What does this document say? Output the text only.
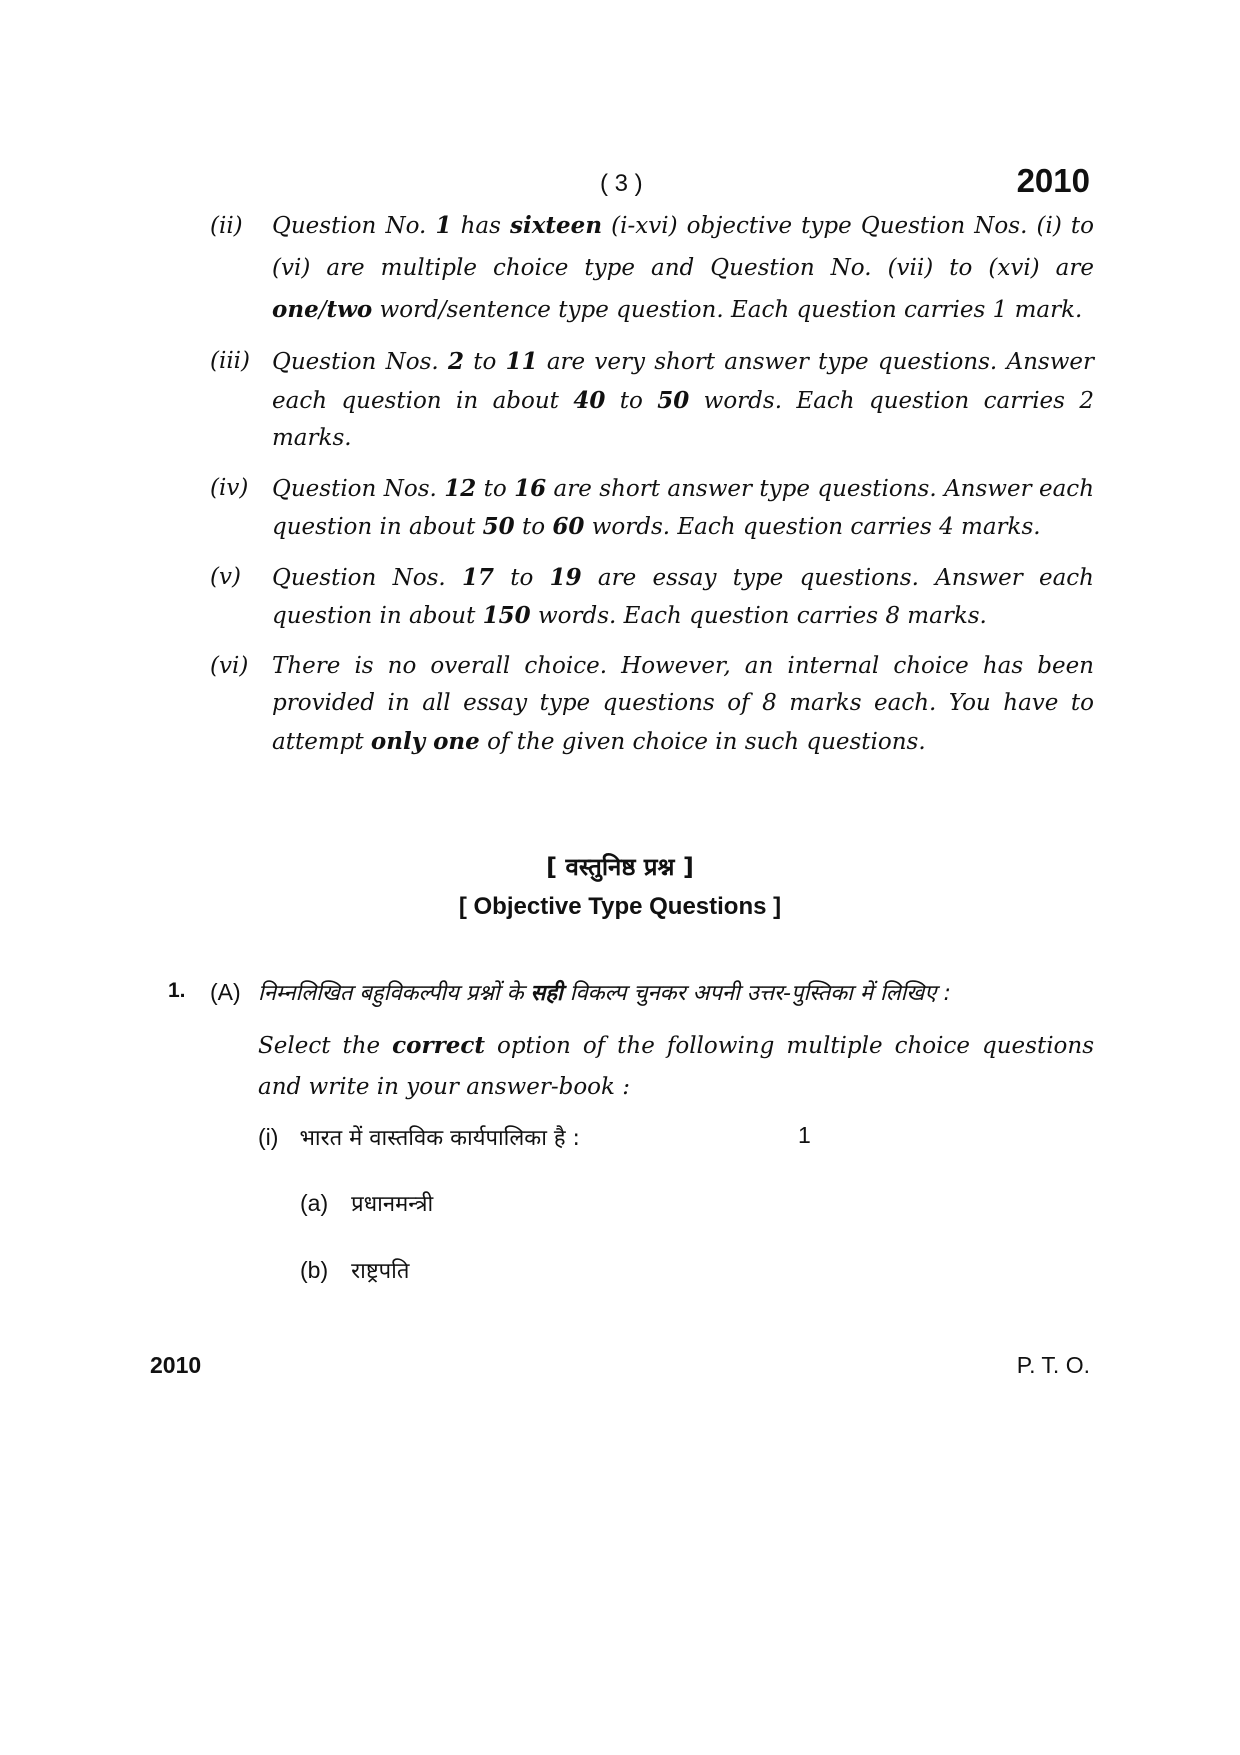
( 3 )	2010
(ii) Question No. 1 has sixteen (i-xvi) objective type Question Nos. (i) to (vi) are multiple choice type and Question No. (vii) to (xvi) are one/two word/sentence type question. Each question carries 1 mark.
(iii) Question Nos. 2 to 11 are very short answer type questions. Answer each question in about 40 to 50 words. Each question carries 2 marks.
(iv) Question Nos. 12 to 16 are short answer type questions. Answer each question in about 50 to 60 words. Each question carries 4 marks.
(v) Question Nos. 17 to 19 are essay type questions. Answer each question in about 150 words. Each question carries 8 marks.
(vi) There is no overall choice. However, an internal choice has been provided in all essay type questions of 8 marks each. You have to attempt only one of the given choice in such questions.
[ वस्तुनिष्ठ प्रश्न ]
[ Objective Type Questions ]
1. (A) निम्नलिखित बहुविकल्पीय प्रश्नों के सही विकल्प चुनकर अपनी उत्तर-पुस्तिका में लिखिए :
Select the correct option of the following multiple choice questions and write in your answer-book :
(i) भारत में वास्तविक कार्यपालिका है :	1
(a) प्रधानमन्त्री
(b) राष्ट्रपति
2010	P. T. O.
